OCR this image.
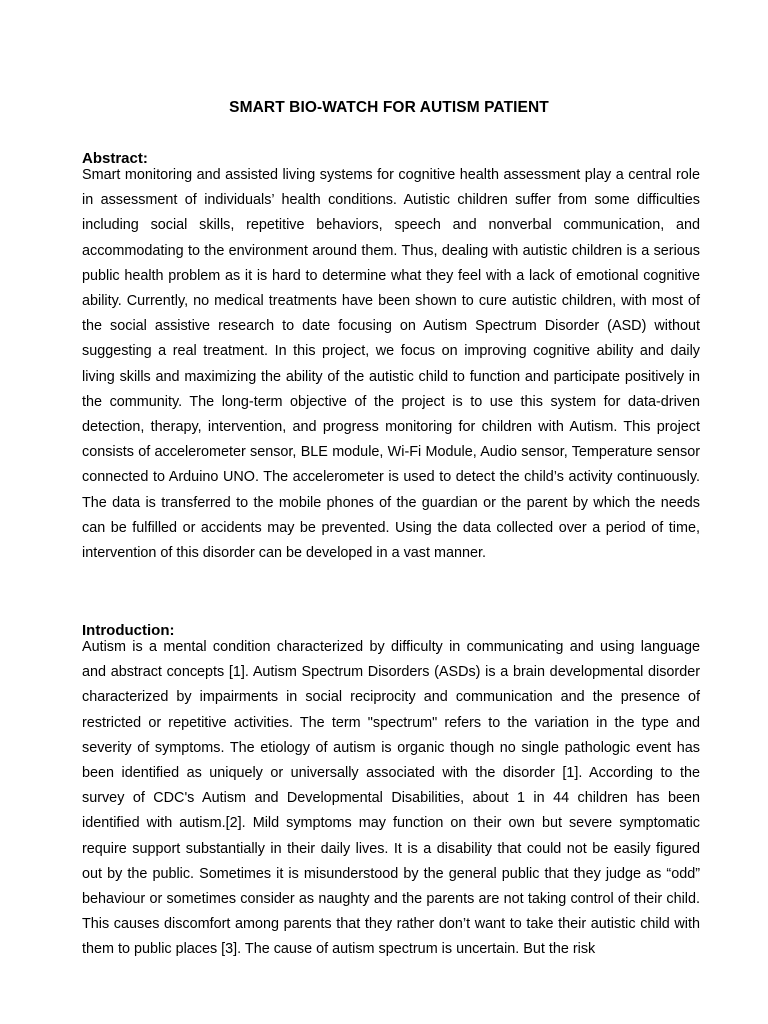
SMART BIO-WATCH FOR AUTISM PATIENT
Abstract:
Smart monitoring and assisted living systems for cognitive health assessment play a central role in assessment of individuals’ health conditions. Autistic children suffer from some difficulties including social skills, repetitive behaviors, speech and nonverbal communication, and accommodating to the environment around them. Thus, dealing with autistic children is a serious public health problem as it is hard to determine what they feel with a lack of emotional cognitive ability. Currently, no medical treatments have been shown to cure autistic children, with most of the social assistive research to date focusing on Autism Spectrum Disorder (ASD) without suggesting a real treatment. In this project, we focus on improving cognitive ability and daily living skills and maximizing the ability of the autistic child to function and participate positively in the community. The long-term objective of the project is to use this system for data-driven detection, therapy, intervention, and progress monitoring for children with Autism. This project consists of accelerometer sensor, BLE module, Wi-Fi Module, Audio sensor, Temperature sensor connected to Arduino UNO. The accelerometer is used to detect the child’s activity continuously. The data is transferred to the mobile phones of the guardian or the parent by which the needs can be fulfilled or accidents may be prevented. Using the data collected over a period of time, intervention of this disorder can be developed in a vast manner.
Introduction:
Autism is a mental condition characterized by difficulty in communicating and using language and abstract concepts [1]. Autism Spectrum Disorders (ASDs) is a brain developmental disorder characterized by impairments in social reciprocity and communication and the presence of restricted or repetitive activities. The term "spectrum" refers to the variation in the type and severity of symptoms. The etiology of autism is organic though no single pathologic event has been identified as uniquely or universally associated with the disorder [1]. According to the survey of CDC's Autism and Developmental Disabilities, about 1 in 44 children has been identified with autism.[2]. Mild symptoms may function on their own but severe symptomatic require support substantially in their daily lives. It is a disability that could not be easily figured out by the public. Sometimes it is misunderstood by the general public that they judge as “odd” behaviour or sometimes consider as naughty and the parents are not taking control of their child. This causes discomfort among parents that they rather don’t want to take their autistic child with them to public places [3]. The cause of autism spectrum is uncertain. But the risk
